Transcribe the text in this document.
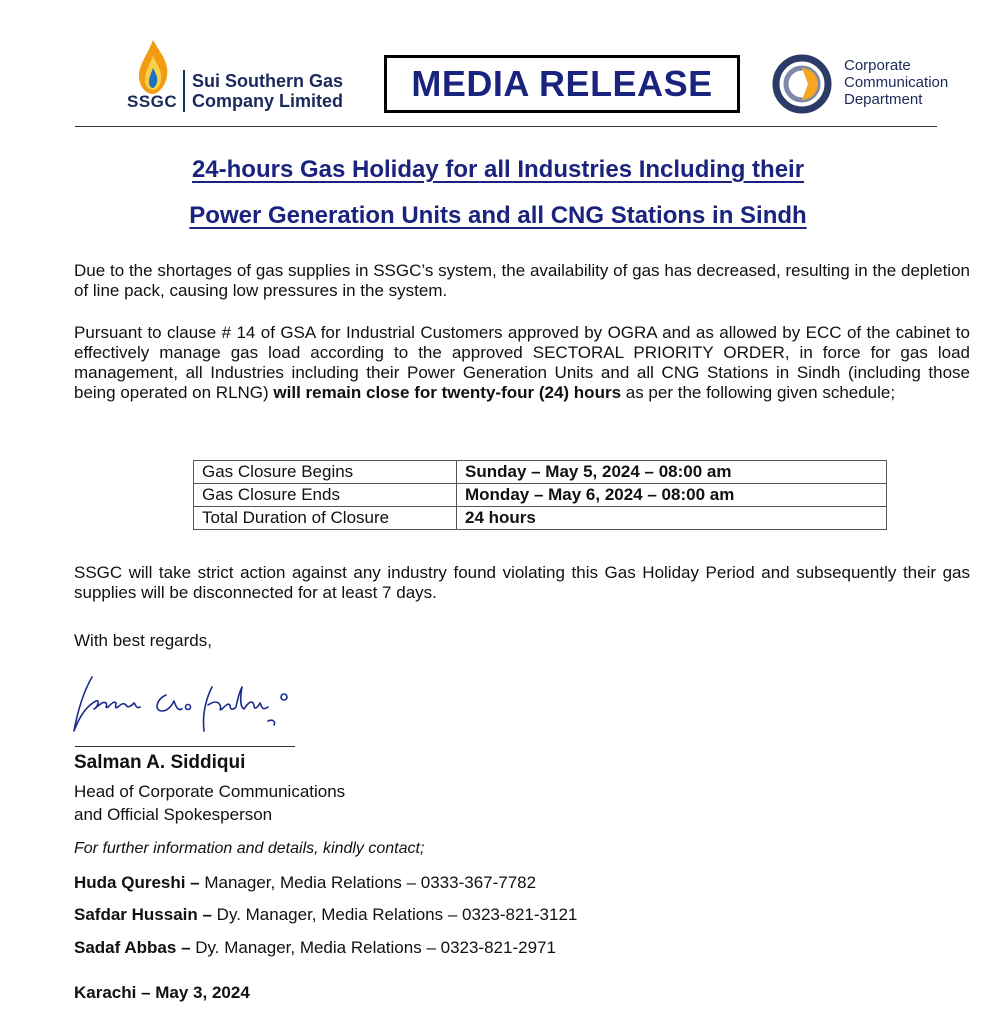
SSGC
Sui Southern Gas
Company Limited MEDIA RELEASE	Corporate
Communication
Department
24-hours Gas Holiday for all Industries Including their
Power Generation Units and all CNG Stations in Sindh
Due to the shortages of gas supplies in SSGC’s system, the availability of gas has decreased, resulting in the depletion of line pack, causing low pressures in the system.
Pursuant to clause # 14 of GSA for Industrial Customers approved by OGRA and as allowed by ECC of the cabinet to effectively manage gas load according to the approved SECTORAL PRIORITY ORDER, in force for gas load management, all Industries including their Power Generation Units and all CNG Stations in Sindh (including those being operated on RLNG) will remain close for twenty-four (24) hours as per the following given schedule;
Gas Closure Begins	Sunday – May 5, 2024 – 08:00 am
Gas Closure Ends	Monday – May 6, 2024 – 08:00 am
Total Duration of Closure	24 hours
SSGC will take strict action against any industry found violating this Gas Holiday Period and subsequently their gas supplies will be disconnected for at least 7 days.
With best regards,
Salman A. Siddiqui
Head of Corporate Communications
and Official Spokesperson
For further information and details, kindly contact;
Huda Qureshi – Manager, Media Relations – 0333-367-7782
Safdar Hussain – Dy. Manager, Media Relations – 0323-821-3121
Sadaf Abbas – Dy. Manager, Media Relations – 0323-821-2971
Karachi – May 3, 2024
